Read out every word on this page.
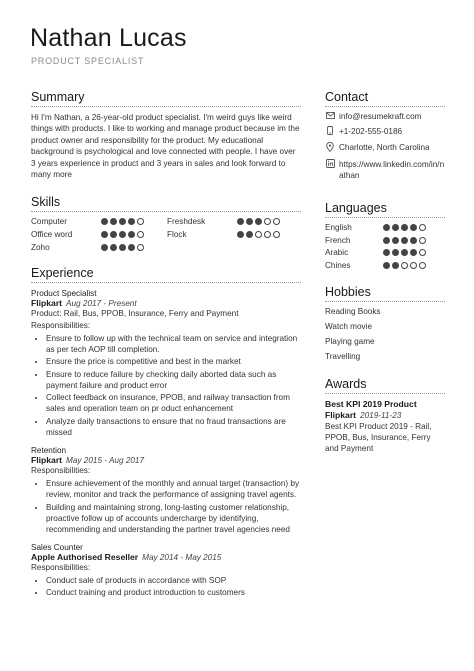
Nathan Lucas
PRODUCT SPECIALIST
Summary
Hi I'm Nathan, a 26-year-old product specialist. I'm weird guys like weird things with products. I like to working and manage product because im the product owner and responsibility for the product. My educational background is psychological and love connected with people. I have over 3 years experience in product and 3 years in sales and look forward to many more
Skills
Computer	Freshdesk
Office word	Flock
Zoho
Experience
Product Specialist
Flipkart Aug 2017 - Present
Product: Rail, Bus, PPOB, Insurance, Ferry and Payment
Responsibilities:
• Ensure to follow up with the technical team on service and integration as per tech AOP till completion.
• Ensure the price is competitive and best in the market
• Ensure to reduce failure by checking daily aborted data such as payment failure and product error
• Collect feedback on insurance, PPOB, and railway transaction from sales and operation team on pr oduct enhancement
• Analyze daily transactions to ensure that no fraud transactions are missed
Retention
Flipkart May 2015 - Aug 2017
Responsibilities:
• Ensure achievement of the monthly and annual target (transaction) by review, monitor and track the performance of assigning travel agents.
• Building and maintaining strong, long-lasting customer relationship, proactive follow up of accounts undercharge by identifying, recommending and understanding the partner travel agencies need
Sales Counter
Apple Authorised Reseller May 2014 - May 2015
Responsibilities:
• Conduct sale of products in accordance with SOP
• Conduct training and product introduction to customers
Contact
info@resumekraft.com
+1-202-555-0186
Charlotte, North Carolina
https://www.linkedin.com/in/nathan
Languages
English
French
Arabic
Chines
Hobbies
Reading Books
Watch movie
Playing game
Travelling
Awards
Best KPI 2019 Product
Flipkart 2019-11-23
Best KPI Product 2019 - Rail, PPOB, Bus, Insurance, Ferry and Payment
